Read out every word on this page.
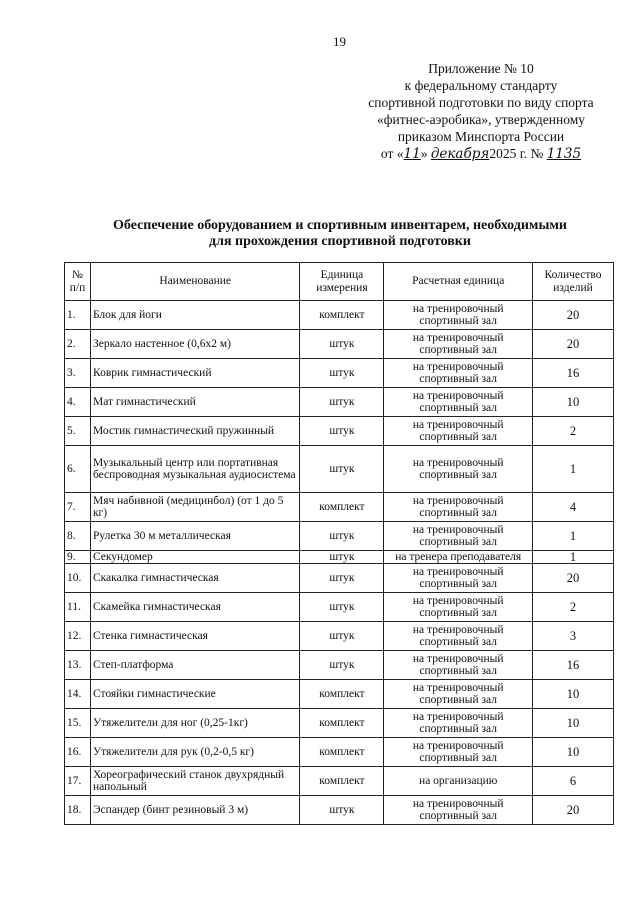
19
Приложение № 10
к федеральному стандарту
спортивной подготовки по виду спорта
«фитнес-аэробика», утвержденному
приказом Минспорта России
от «11» декабря2025 г. № 1135
Обеспечение оборудованием и спортивным инвентарем, необходимыми
для прохождения спортивной подготовки
№ п/п	Наименование	Единица измерения	Расчетная единица	Количество изделий
1.	Блок для йоги	комплект	на тренировочный спортивный зал	20
2.	Зеркало настенное (0,6х2 м)	штук	на тренировочный спортивный зал	20
3.	Коврик гимнастический	штук	на тренировочный спортивный зал	16
4.	Мат гимнастический	штук	на тренировочный спортивный зал	10
5.	Мостик гимнастический пружинный	штук	на тренировочный спортивный зал	2
6.	Музыкальный центр или портативная беспроводная музыкальная аудиосистема	штук	на тренировочный спортивный зал	1
7.	Мяч набивной (медицинбол) (от 1 до 5 кг)	комплект	на тренировочный спортивный зал	4
8.	Рулетка 30 м металлическая	штук	на тренировочный спортивный зал	1
9.	Секундомер	штук	на тренера преподавателя	1
10.	Скакалка гимнастическая	штук	на тренировочный спортивный зал	20
11.	Скамейка гимнастическая	штук	на тренировочный спортивный зал	2
12.	Стенка гимнастическая	штук	на тренировочный спортивный зал	3
13.	Степ-платформа	штук	на тренировочный спортивный зал	16
14.	Стояйки гимнастические	комплект	на тренировочный спортивный зал	10
15.	Утяжелители для ног (0,25-1кг)	комплект	на тренировочный спортивный зал	10
16.	Утяжелители для рук (0,2-0,5 кг)	комплект	на тренировочный спортивный зал	10
17.	Хореографический станок двухрядный напольный	комплект	на организацию	6
18.	Эспандер (бинт резиновый 3 м)	штук	на тренировочный спортивный зал	20
